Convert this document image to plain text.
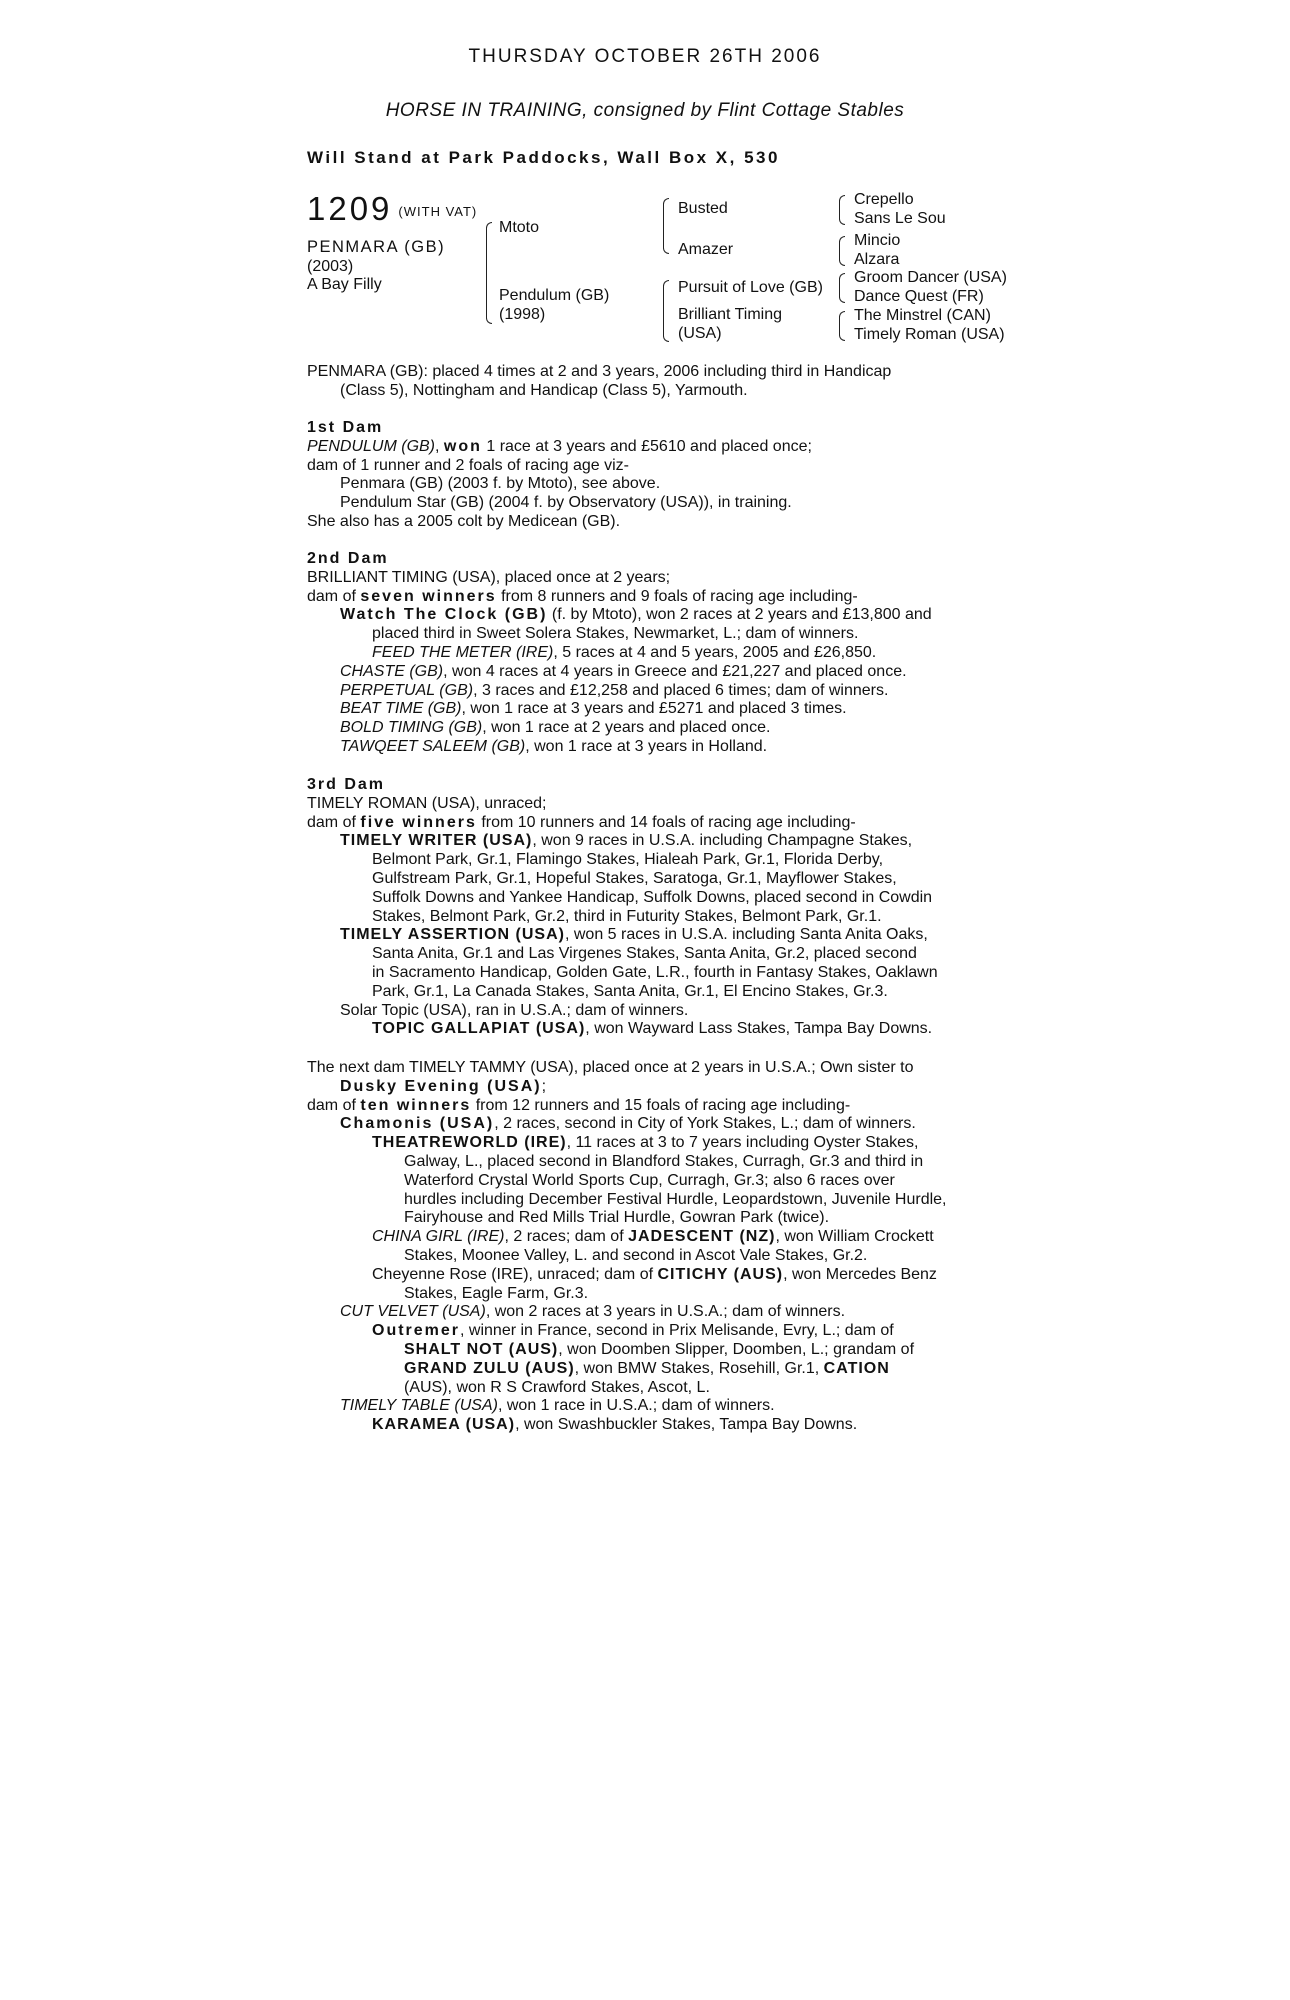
THURSDAY OCTOBER 26TH 2006
HORSE IN TRAINING, consigned by Flint Cottage Stables
Will Stand at Park Paddocks, Wall Box X, 530
1209 (WITH VAT)
PENMARA (GB)
(2003)
A Bay Filly
Mtoto
Pendulum (GB)
(1998)
Busted
Amazer
Pursuit of Love (GB)
Brilliant Timing
(USA)
Crepello
Sans Le Sou
Mincio
Alzara
Groom Dancer (USA)
Dance Quest (FR)
The Minstrel (CAN)
Timely Roman (USA)
PENMARA (GB): placed 4 times at 2 and 3 years, 2006 including third in Handicap
(Class 5), Nottingham and Handicap (Class 5), Yarmouth.
1st Dam
PENDULUM (GB), won 1 race at 3 years and £5610 and placed once;
dam of 1 runner and 2 foals of racing age viz-
Penmara (GB) (2003 f. by Mtoto), see above.
Pendulum Star (GB) (2004 f. by Observatory (USA)), in training.
She also has a 2005 colt by Medicean (GB).
2nd Dam
BRILLIANT TIMING (USA), placed once at 2 years;
dam of seven winners from 8 runners and 9 foals of racing age including-
Watch The Clock (GB) (f. by Mtoto), won 2 races at 2 years and £13,800 and
placed third in Sweet Solera Stakes, Newmarket, L.; dam of winners.
FEED THE METER (IRE), 5 races at 4 and 5 years, 2005 and £26,850.
CHASTE (GB), won 4 races at 4 years in Greece and £21,227 and placed once.
PERPETUAL (GB), 3 races and £12,258 and placed 6 times; dam of winners.
BEAT TIME (GB), won 1 race at 3 years and £5271 and placed 3 times.
BOLD TIMING (GB), won 1 race at 2 years and placed once.
TAWQEET SALEEM (GB), won 1 race at 3 years in Holland.
3rd Dam
TIMELY ROMAN (USA), unraced;
dam of five winners from 10 runners and 14 foals of racing age including-
TIMELY WRITER (USA), won 9 races in U.S.A. including Champagne Stakes,
Belmont Park, Gr.1, Flamingo Stakes, Hialeah Park, Gr.1, Florida Derby,
Gulfstream Park, Gr.1, Hopeful Stakes, Saratoga, Gr.1, Mayflower Stakes,
Suffolk Downs and Yankee Handicap, Suffolk Downs, placed second in Cowdin
Stakes, Belmont Park, Gr.2, third in Futurity Stakes, Belmont Park, Gr.1.
TIMELY ASSERTION (USA), won 5 races in U.S.A. including Santa Anita Oaks,
Santa Anita, Gr.1 and Las Virgenes Stakes, Santa Anita, Gr.2, placed second
in Sacramento Handicap, Golden Gate, L.R., fourth in Fantasy Stakes, Oaklawn
Park, Gr.1, La Canada Stakes, Santa Anita, Gr.1, El Encino Stakes, Gr.3.
Solar Topic (USA), ran in U.S.A.; dam of winners.
TOPIC GALLAPIAT (USA), won Wayward Lass Stakes, Tampa Bay Downs.
The next dam TIMELY TAMMY (USA), placed once at 2 years in U.S.A.; Own sister to
Dusky Evening (USA);
dam of ten winners from 12 runners and 15 foals of racing age including-
Chamonis (USA), 2 races, second in City of York Stakes, L.; dam of winners.
THEATREWORLD (IRE), 11 races at 3 to 7 years including Oyster Stakes,
Galway, L., placed second in Blandford Stakes, Curragh, Gr.3 and third in
Waterford Crystal World Sports Cup, Curragh, Gr.3; also 6 races over
hurdles including December Festival Hurdle, Leopardstown, Juvenile Hurdle,
Fairyhouse and Red Mills Trial Hurdle, Gowran Park (twice).
CHINA GIRL (IRE), 2 races; dam of JADESCENT (NZ), won William Crockett
Stakes, Moonee Valley, L. and second in Ascot Vale Stakes, Gr.2.
Cheyenne Rose (IRE), unraced; dam of CITICHY (AUS), won Mercedes Benz
Stakes, Eagle Farm, Gr.3.
CUT VELVET (USA), won 2 races at 3 years in U.S.A.; dam of winners.
Outremer, winner in France, second in Prix Melisande, Evry, L.; dam of
SHALT NOT (AUS), won Doomben Slipper, Doomben, L.; grandam of
GRAND ZULU (AUS), won BMW Stakes, Rosehill, Gr.1, CATION
(AUS), won R S Crawford Stakes, Ascot, L.
TIMELY TABLE (USA), won 1 race in U.S.A.; dam of winners.
KARAMEA (USA), won Swashbuckler Stakes, Tampa Bay Downs.
